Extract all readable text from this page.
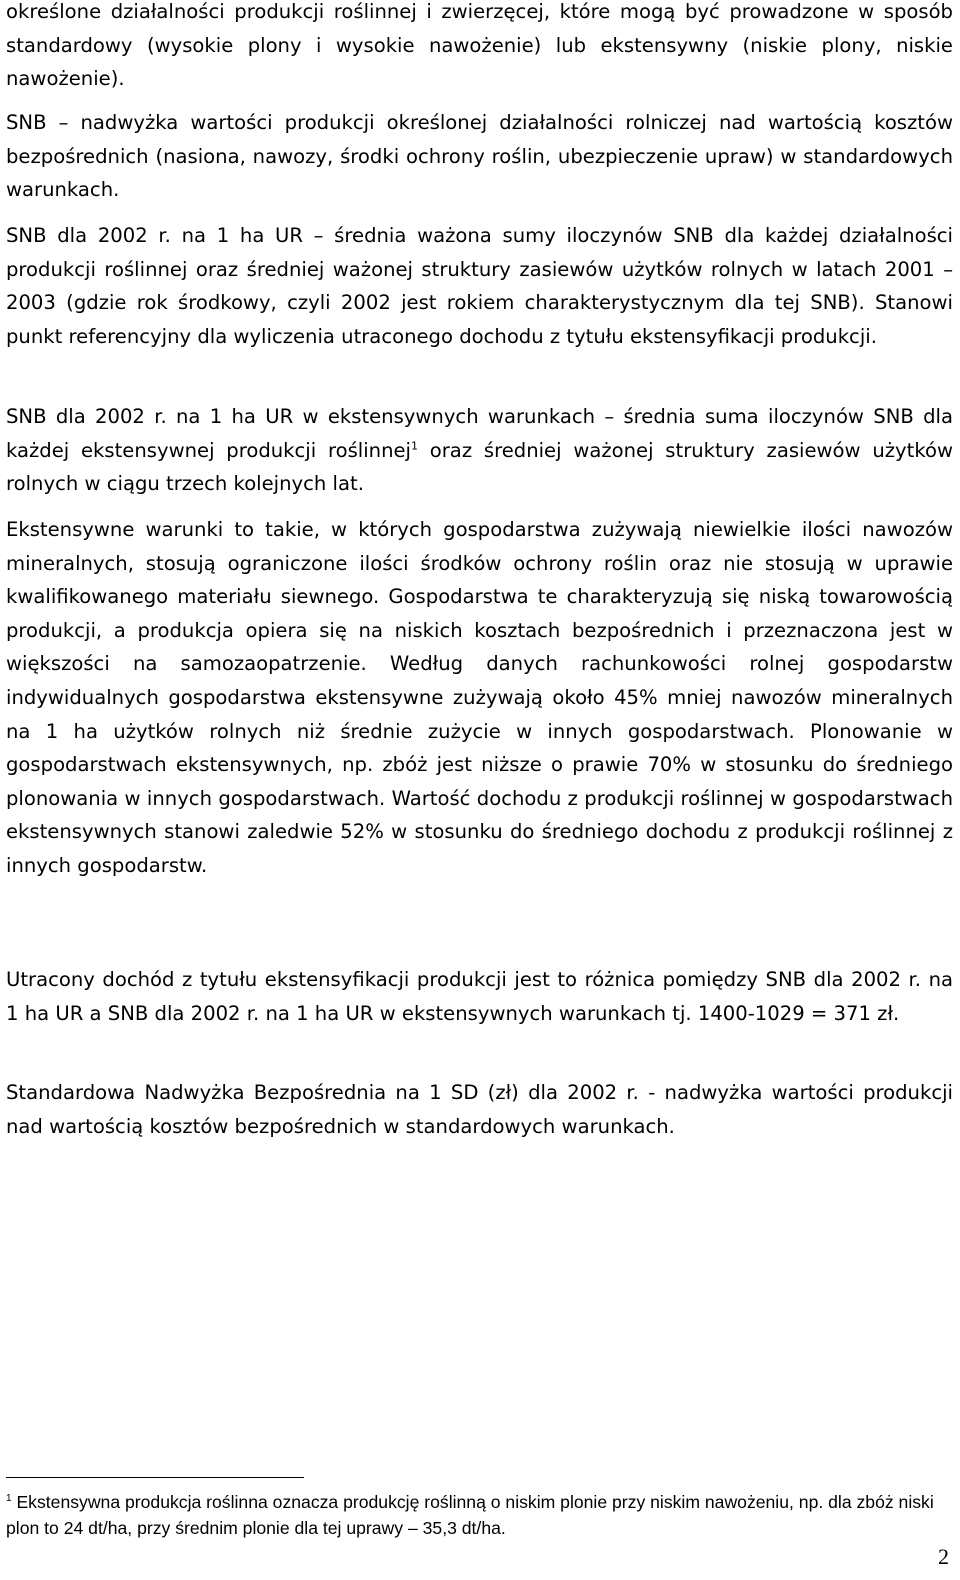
określone działalności produkcji roślinnej i zwierzęcej, które mogą być prowadzone w sposób standardowy (wysokie plony i wysokie nawożenie) lub ekstensywny (niskie plony, niskie nawożenie).

SNB – nadwyżka wartości produkcji określonej działalności rolniczej nad wartością kosztów bezpośrednich (nasiona, nawozy, środki ochrony roślin, ubezpieczenie upraw) w standardowych warunkach.

SNB dla 2002 r. na 1 ha UR – średnia ważona sumy iloczynów SNB dla każdej działalności produkcji roślinnej oraz średniej ważonej struktury zasiewów użytków rolnych w latach 2001 – 2003 (gdzie rok środkowy, czyli 2002 jest rokiem charakterystycznym dla tej SNB). Stanowi punkt referencyjny dla wyliczenia utraconego dochodu z tytułu ekstensyfikacji produkcji.

SNB dla 2002 r. na 1 ha UR w ekstensywnych warunkach – średnia suma iloczynów SNB dla każdej ekstensywnej produkcji roślinnej$^1$ oraz średniej ważonej struktury zasiewów użytków rolnych w ciągu trzech kolejnych lat.

Ekstensywne warunki to takie, w których gospodarstwa zużywają niewielkie ilości nawozów mineralnych, stosują ograniczone ilości środków ochrony roślin oraz nie stosują w uprawie kwalifikowanego materiału siewnego. Gospodarstwa te charakteryzują się niską towarowością produkcji, a produkcja opiera się na niskich kosztach bezpośrednich i przeznaczona jest w większości na samozaopatrzenie. Według danych rachunkowości rolnej gospodarstw indywidualnych gospodarstwa ekstensywne zużywają około 45% mniej nawozów mineralnych na 1 ha użytków rolnych niż średnie zużycie w innych gospodarstwach. Plonowanie w gospodarstwach ekstensywnych, np. zbóż jest niższe o prawie 70% w stosunku do średniego plonowania w innych gospodarstwach. Wartość dochodu z produkcji roślinnej w gospodarstwach ekstensywnych stanowi zaledwie 52% w stosunku do średniego dochodu z produkcji roślinnej z innych gospodarstw.

Utracony dochód z tytułu ekstensyfikacji produkcji jest to różnica pomiędzy SNB dla 2002 r. na 1 ha UR a SNB dla 2002 r. na 1 ha UR w ekstensywnych warunkach tj. 1400-1029 = 371 zł.

Standardowa Nadwyżka Bezpośrednia na 1 SD (zł) dla 2002 r. - nadwyżka wartości produkcji nad wartością kosztów bezpośrednich w standardowych warunkach.

$^1$ Ekstensywna produkcja roślinna oznacza produkcję roślinną o niskim plonie przy niskim nawożeniu, np. dla zbóż niski plon to 24 dt/ha, przy średnim plonie dla tej uprawy – 35,3 dt/ha.

2
